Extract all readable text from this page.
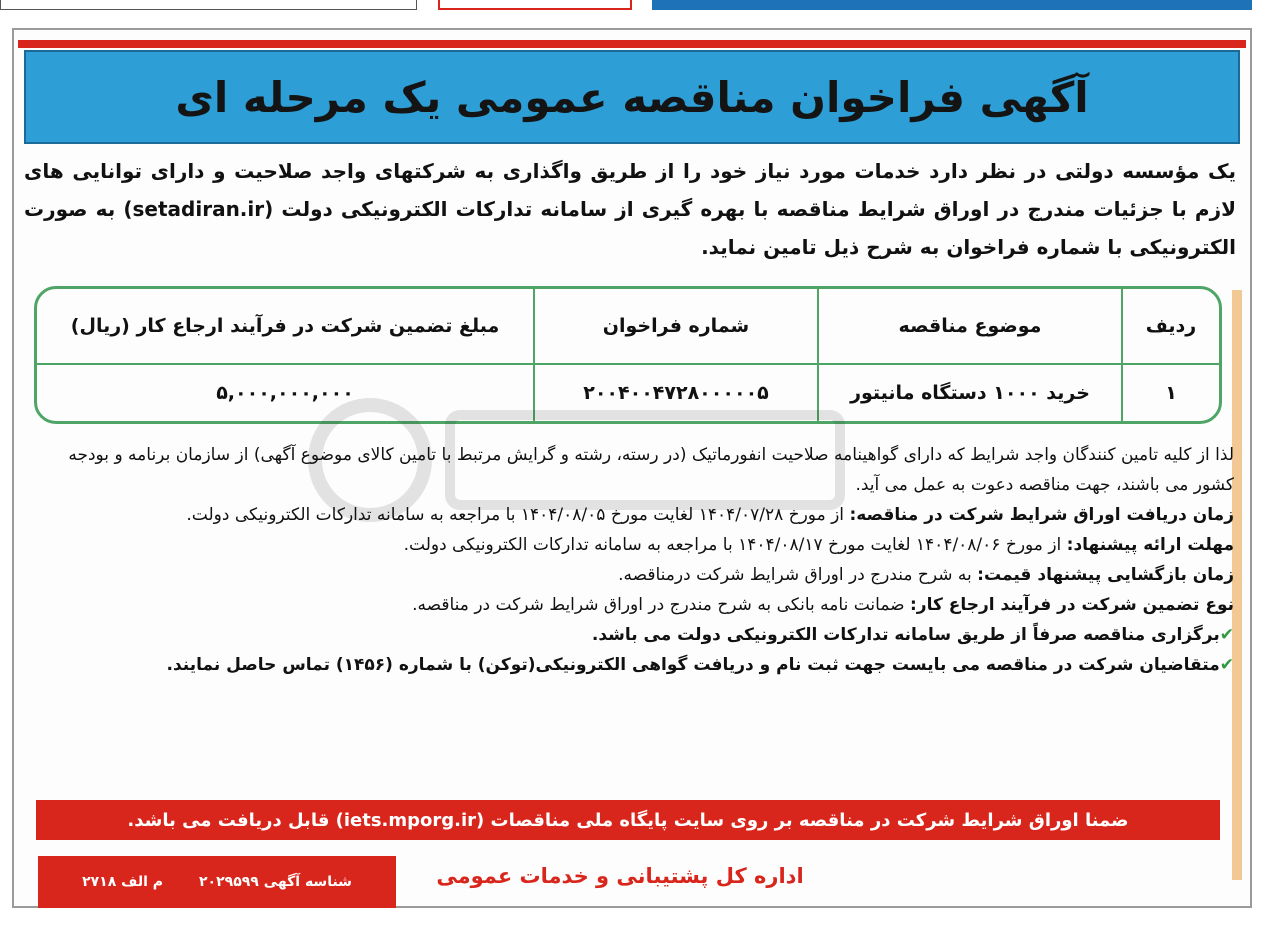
آگهی فراخوان مناقصه عمومی یک مرحله ای
یک مؤسسه دولتی در نظر دارد خدمات مورد نیاز خود را از طریق واگذاری به شرکتهای واجد صلاحیت و دارای توانایی های لازم با جزئیات مندرج در اوراق شرایط مناقصه با بهره گیری از سامانه تدارکات الکترونیکی دولت (setadiran.ir) به صورت الکترونیکی با شماره فراخوان به شرح ذیل تامین نماید.
ردیف	موضوع مناقصه	شماره فراخوان	مبلغ تضمین شرکت در فرآیند ارجاع کار (ریال)
۱	خرید ۱۰۰۰ دستگاه مانیتور	۲۰۰۴۰۰۴۷۲۸۰۰۰۰۰۵	۵,۰۰۰,۰۰۰,۰۰۰

لذا از کلیه تامین کنندگان واجد شرایط که دارای گواهینامه صلاحیت انفورماتیک (در رسته، رشته و گرایش مرتبط با تامین کالای موضوع آگهی) از سازمان برنامه و بودجه کشور می باشند، جهت مناقصه دعوت به عمل می آید.

زمان دریافت اوراق شرایط شرکت در مناقصه: از مورخ ۱۴۰۴/۰۷/۲۸ لغایت مورخ ۱۴۰۴/۰۸/۰۵ با مراجعه به سامانه تدارکات الکترونیکی دولت.

مهلت ارائه پیشنهاد: از مورخ ۱۴۰۴/۰۸/۰۶ لغایت مورخ ۱۴۰۴/۰۸/۱۷ با مراجعه به سامانه تدارکات الکترونیکی دولت.

زمان بازگشایی پیشنهاد قیمت: به شرح مندرج در اوراق شرایط شرکت درمناقصه.

نوع تضمین شرکت در فرآیند ارجاع کار: ضمانت نامه بانکی به شرح مندرج در اوراق شرایط شرکت در مناقصه.

✔برگزاری مناقصه صرفاً از طریق سامانه تدارکات الکترونیکی دولت می باشد.

✔متقاضیان شرکت در مناقصه می بایست جهت ثبت نام و دریافت گواهی الکترونیکی(توکن) با شماره (۱۴۵۶) تماس حاصل نمایند.

ضمنا اوراق شرایط شرکت در مناقصه بر روی سایت پایگاه ملی مناقصات (iets.mporg.ir) قابل دریافت می باشد.
شناسه آگهی ۲۰۲۹۵۹۹
م الف ۲۷۱۸	اداره کل پشتیبانی و خدمات عمومی
